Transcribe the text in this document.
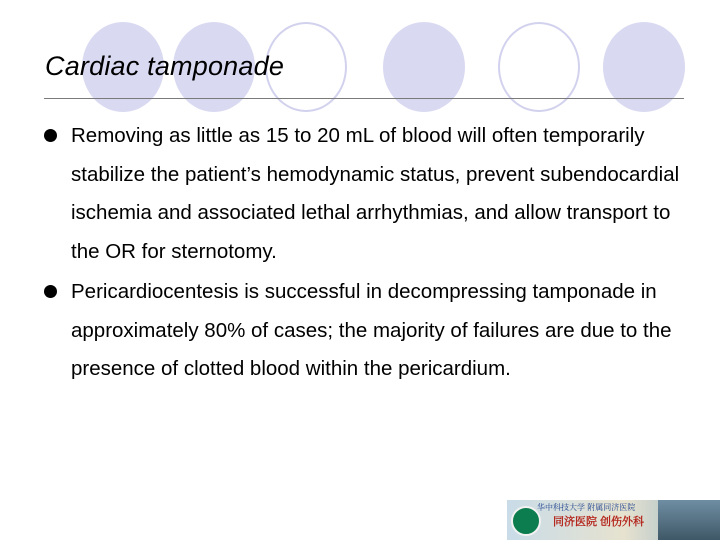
Cardiac tamponade
Removing as little as 15 to 20 mL of blood will often temporarily stabilize the patient’s hemodynamic status, prevent subendocardial ischemia and associated lethal arrhythmias, and allow transport to the OR for sternotomy.
Pericardiocentesis is successful in decompressing tamponade in approximately 80% of cases; the majority of failures are due to the presence of clotted blood within the pericardium.
华中科技大学 附属同济医院
同济医院 创伤外科
